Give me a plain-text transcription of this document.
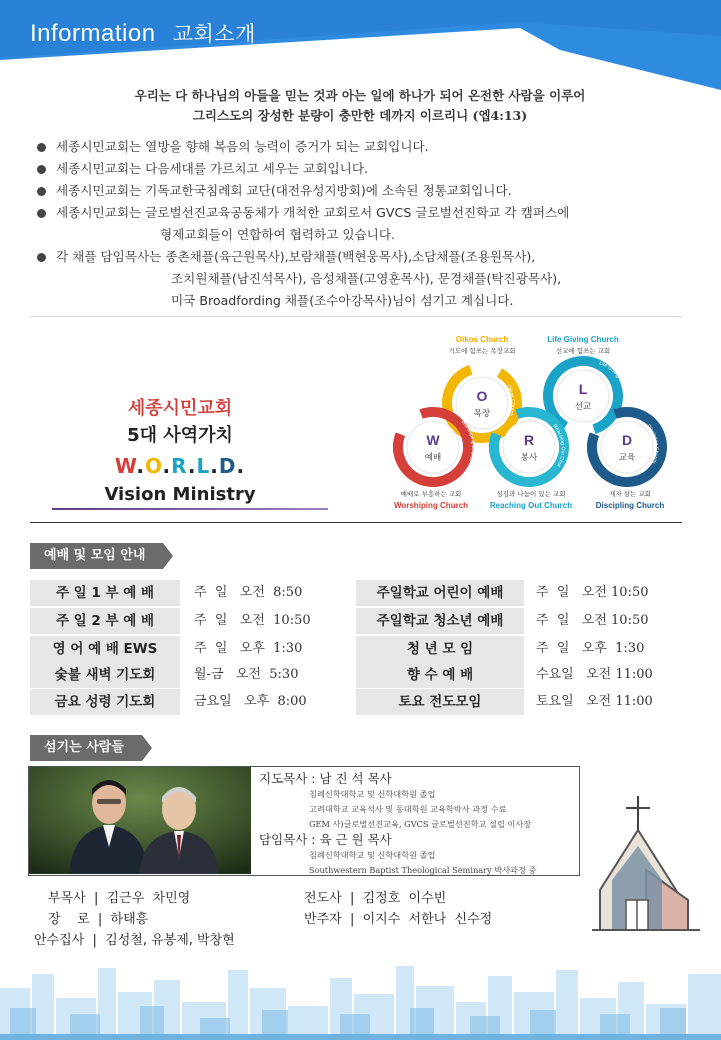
Information 교회소개
우리는 다 하나님의 아들을 믿는 것과 아는 일에 하나가 되어 온전한 사람을 이루어
그리스도의 장성한 분량이 충만한 데까지 이르리니 (엡4:13)
세종시민교회는 열방을 향해 복음의 능력이 증거가 되는 교회입니다.
세종시민교회는 다음세대를 가르치고 세우는 교회입니다.
세종시민교회는 기독교한국침례회 교단(대전유성지방회)에 소속된 정통교회입니다.
세종시민교회는 글로벌선진교육공동체가 개척한 교회로서 GVCS 글로벌선진학교 각 캠퍼스에
형제교회들이 연합하여 협력하고 있습니다.
각 채플 담임목사는 종촌채플(육근원목사),보람채플(백현웅목사),소담채플(조용원목사),
조치원채플(남진석목사), 음성채플(고영훈목사), 문경채플(탁진광목사),
미국 Broadfording 채플(조수아강목사)님이 섬기고 계십니다.
세종시민교회
5대 사역가치
W.O.R.L.D.
Vision Ministry
Oikos Church
기도에 힘쓰는 목장교회
Life Giving Church
선교에 힘쓰는 교회
O
목장
Oikos Church
L
선교
Life Giving Church
W
예배
Worshiping Church
R
봉사
Reaching Out Chur
D
교육
Discipling Church
예배로 부흥하는 교회
Worshiping Church
섬김과 나눔이 있는 교회
Reaching Out Church
제자 삼는 교회
Discipling Church
예배 및 모임 안내
주 일 1 부 예 배	주  일   오전  8:50	주일학교 어린이 예배	주  일   오전 10:50
주 일 2 부 예 배	주  일   오전  10:50	주일학교 청소년 예배	주  일   오전 10:50
영 어 예 배 EWS	주  일   오후  1:30	청 년 모 임	주  일   오후  1:30
숯불 새벽 기도회	월-금   오전  5:30	향 수 예 배	수요일   오전 11:00
금요 성령 기도회	금요일   오후  8:00	토요 전도모임	토요일   오전 11:00
섬기는 사람들
지도목사 : 남 진 석 목사
침례신학대학교 및 신학대학원 졸업
고려대학교 교육석사 및 동대학원 교육학박사 과정 수료
GEM 사)글로벌선진교육, GVCS 글로벌선진학교 설립 이사장
담임목사 : 육 근 원 목사
침례신학대학교 및 신학대학원 졸업
Southwestern Baptist Theological Seminary 박사과정 중
부목사  |  김근우  차민영
장    로  |  하태흥
안수집사  |  김성철, 유봉제, 박창현
전도사  |  김정호  이수빈
반주자  |  이지수  서한나  신수정
